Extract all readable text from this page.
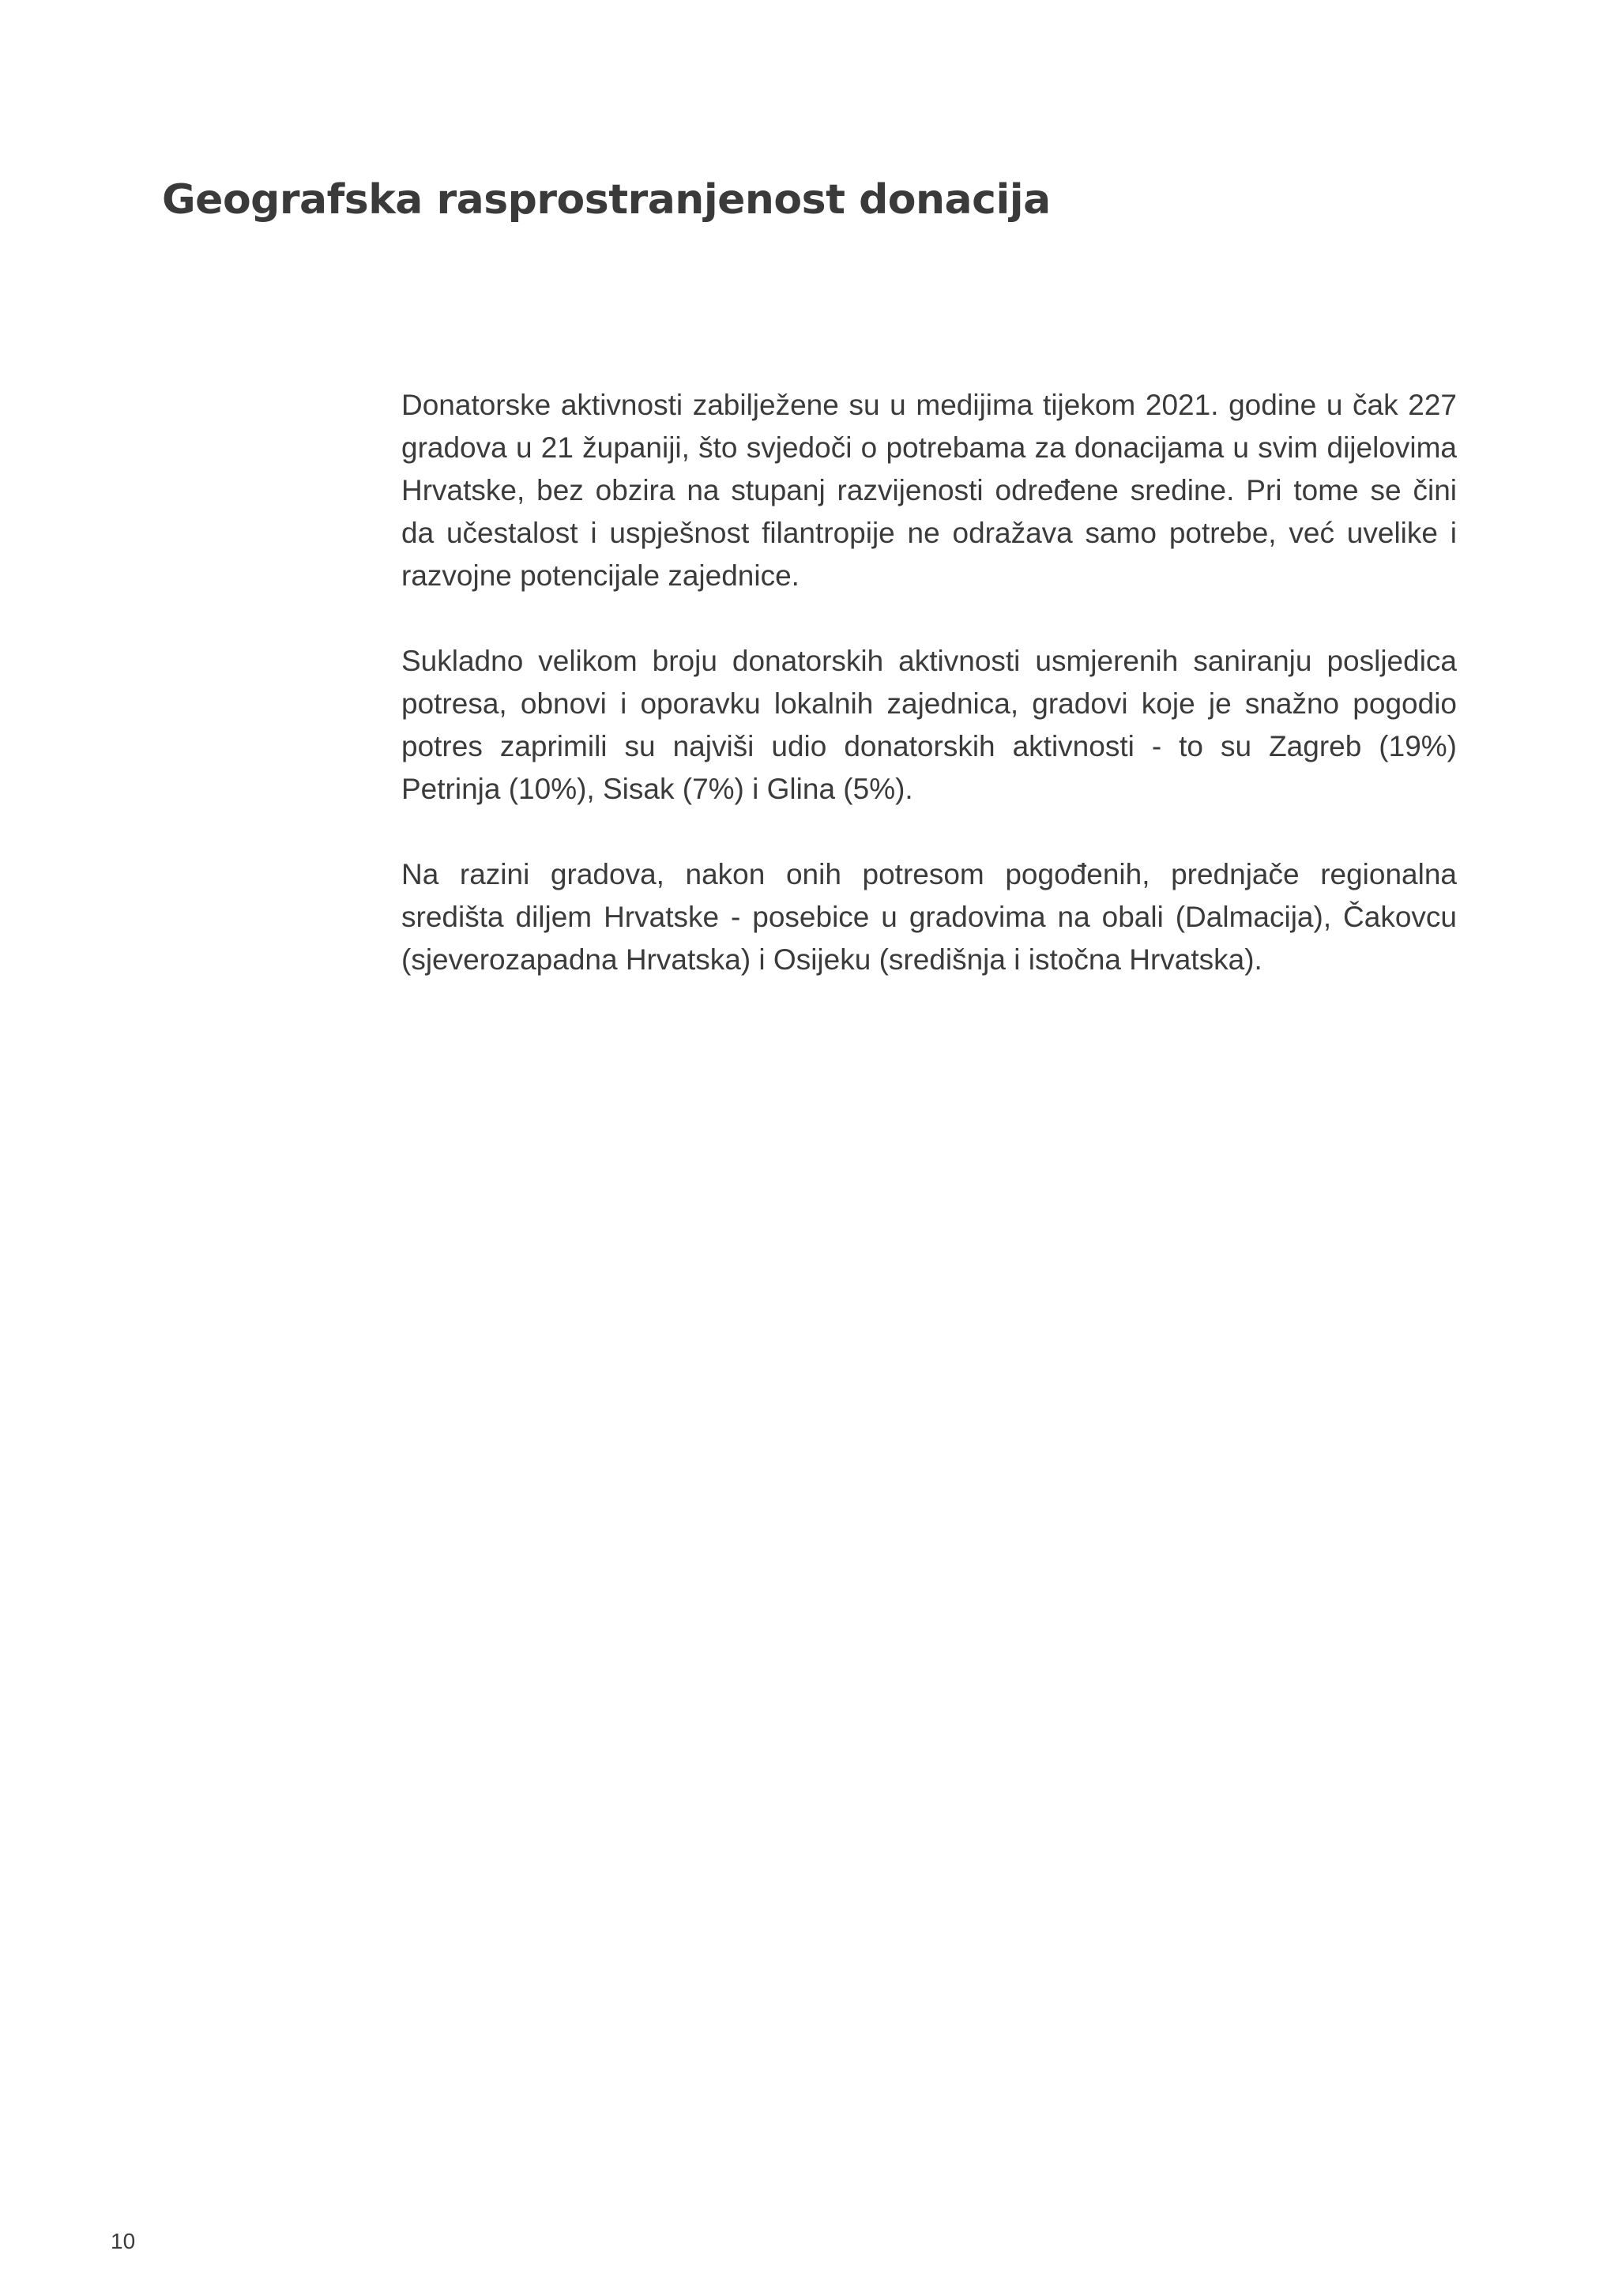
Geografska rasprostranjenost donacija

Donatorske aktivnosti zabilježene su u medijima tijekom 2021. godine u čak 227 gradova u 21 županiji, što svjedoči o potrebama za donacijama u svim dijelovima Hrvatske, bez obzira na stupanj razvijenosti određene sredine. Pri tome se čini da učestalost i uspješnost filantropije ne odražava samo potrebe, već uvelike i razvojne potencijale zajednice.

Sukladno velikom broju donatorskih aktivnosti usmjerenih saniranju posljedica potresa, obnovi i oporavku lokalnih zajednica, gradovi koje je snažno pogodio potres zaprimili su najviši udio donatorskih aktivnosti - to su Zagreb (19%) Petrinja (10%), Sisak (7%) i Glina (5%).

Na razini gradova, nakon onih potresom pogođenih, prednjače regionalna središta diljem Hrvatske - posebice u gradovima na obali (Dalmacija), Čakovcu (sjeverozapadna Hrvatska) i Osijeku (središnja i istočna Hrvatska).

10
